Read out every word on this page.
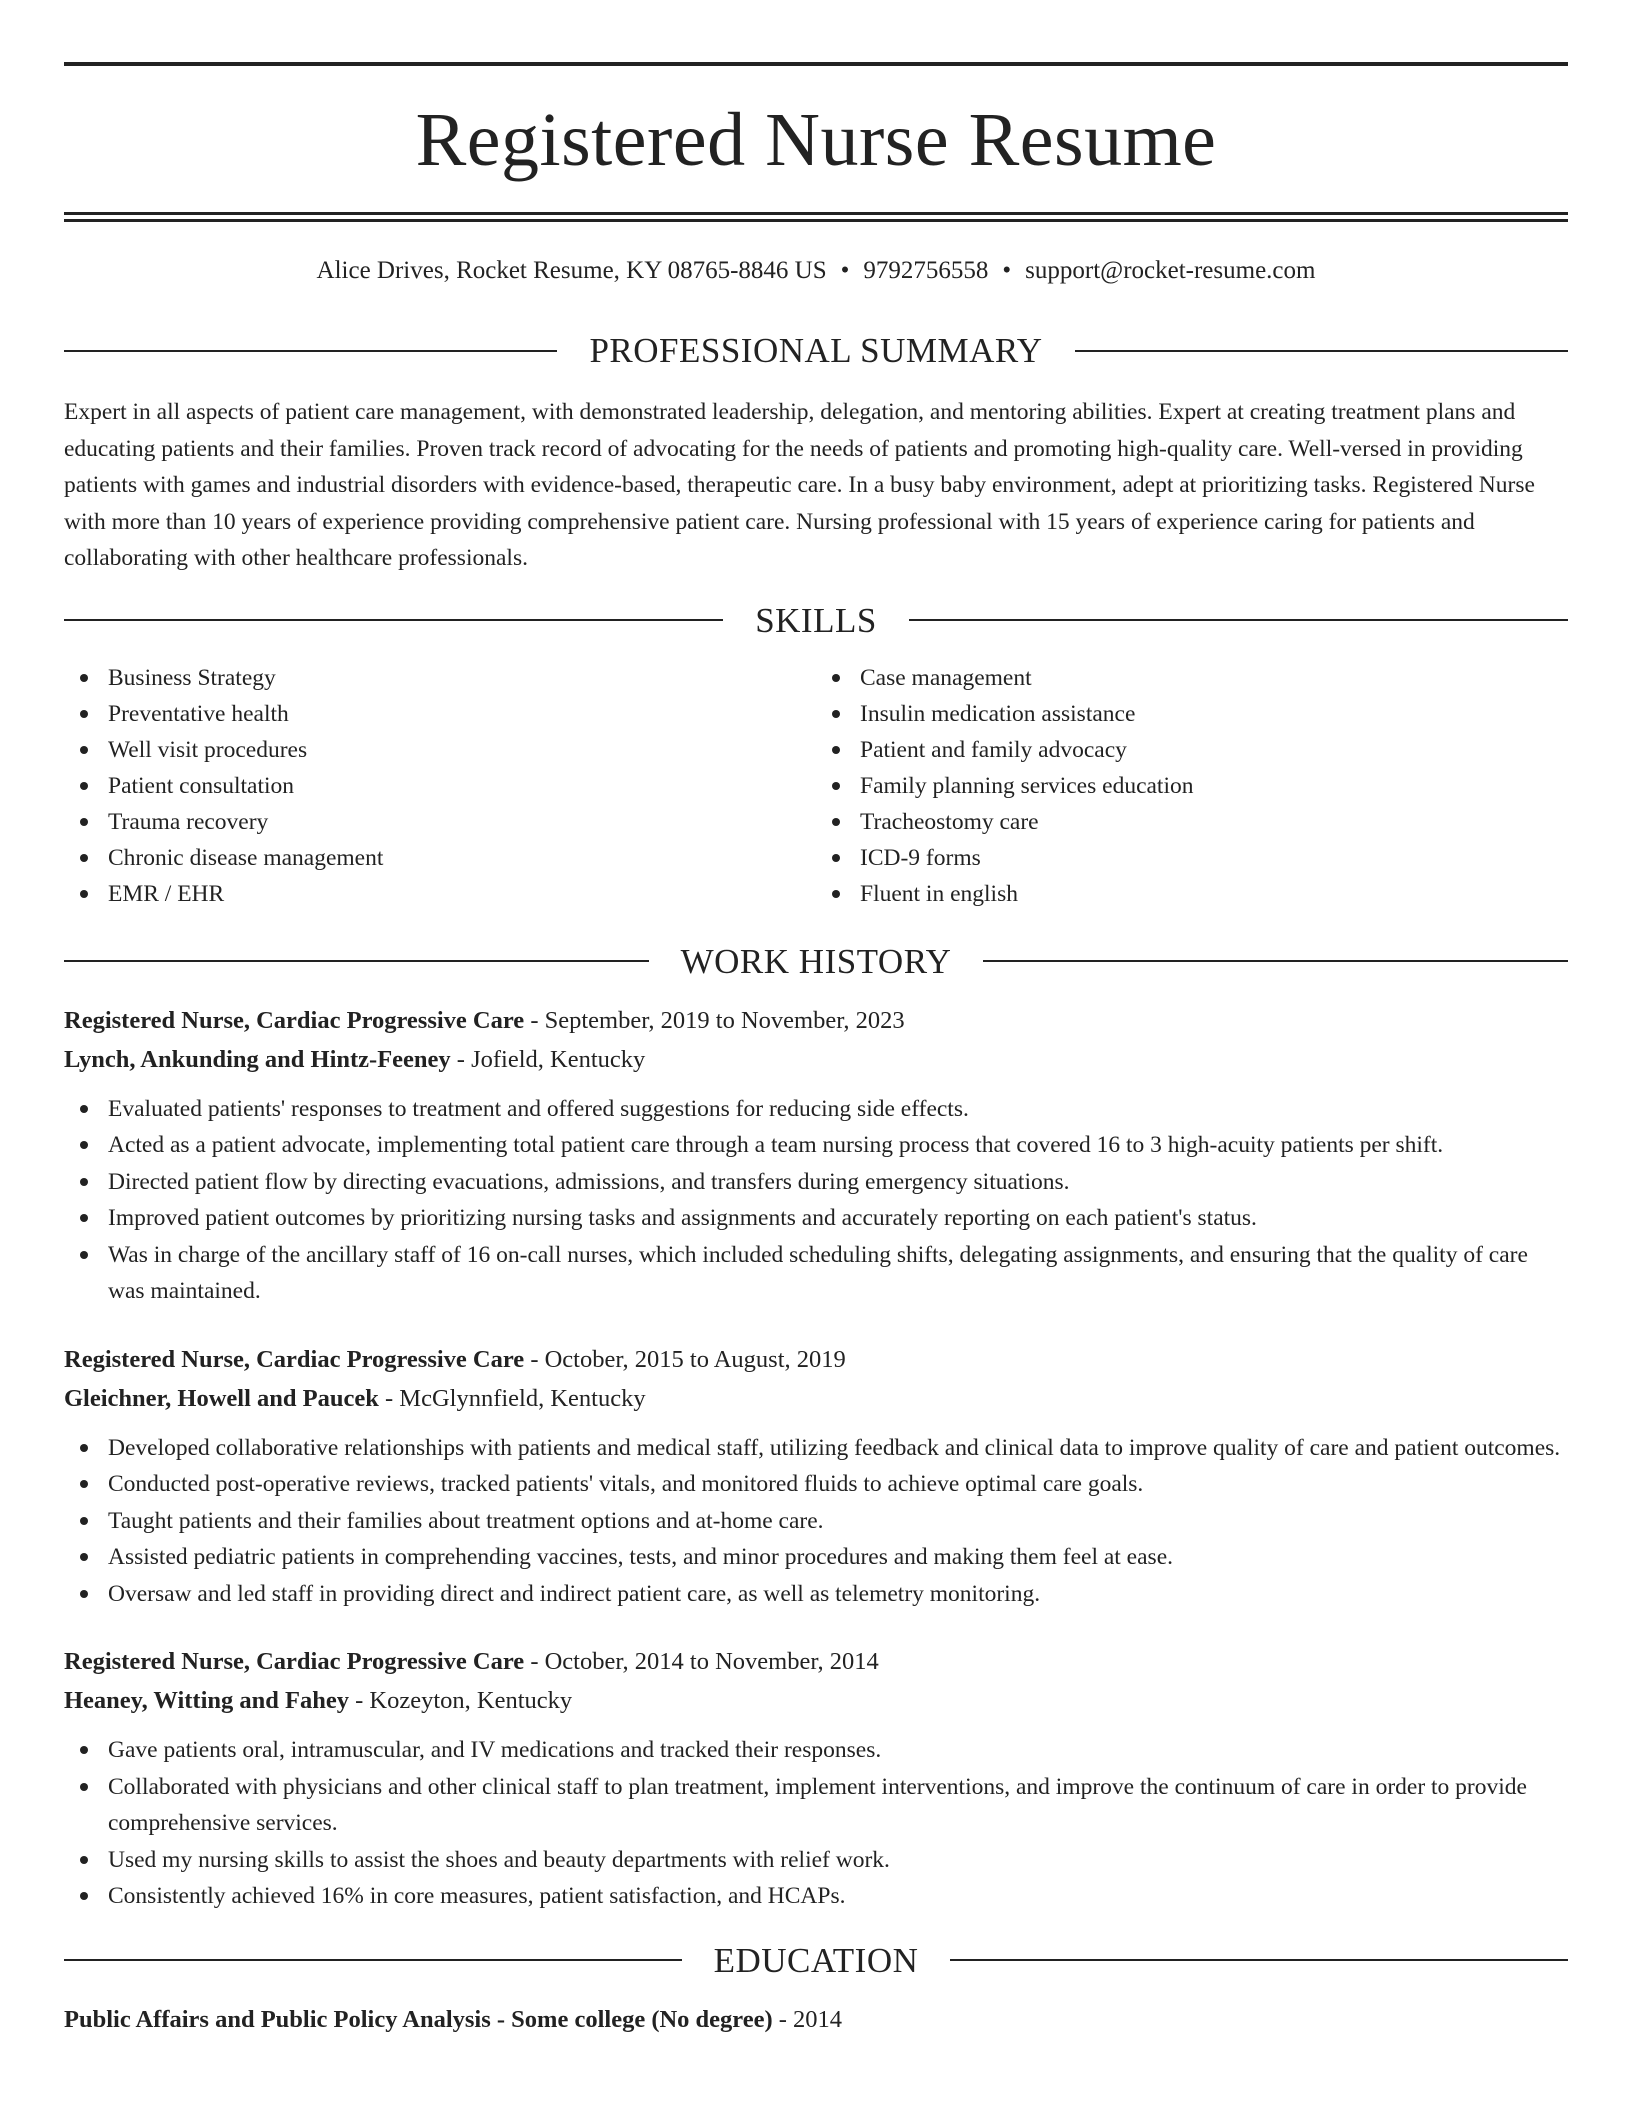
Registered Nurse Resume
Alice Drives, Rocket Resume, KY 08765-8846 US • 9792756558 • support@rocket-resume.com
PROFESSIONAL SUMMARY

Expert in all aspects of patient care management, with demonstrated leadership, delegation, and mentoring abilities. Expert at creating treatment plans and educating patients and their families. Proven track record of advocating for the needs of patients and promoting high-quality care. Well-versed in providing patients with games and industrial disorders with evidence-based, therapeutic care. In a busy baby environment, adept at prioritizing tasks. Registered Nurse with more than 10 years of experience providing comprehensive patient care. Nursing professional with 15 years of experience caring for patients and collaborating with other healthcare professionals.

SKILLS
Business Strategy
Preventative health
Well visit procedures
Patient consultation
Trauma recovery
Chronic disease management
EMR / EHR
Case management
Insulin medication assistance
Patient and family advocacy
Family planning services education
Tracheostomy care
ICD-9 forms
Fluent in english
WORK HISTORY
Registered Nurse, Cardiac Progressive Care - September, 2019 to November, 2023
Lynch, Ankunding and Hintz-Feeney - Jofield, Kentucky
Evaluated patients' responses to treatment and offered suggestions for reducing side effects.
Acted as a patient advocate, implementing total patient care through a team nursing process that covered 16 to 3 high-acuity patients per shift.
Directed patient flow by directing evacuations, admissions, and transfers during emergency situations.
Improved patient outcomes by prioritizing nursing tasks and assignments and accurately reporting on each patient's status.
Was in charge of the ancillary staff of 16 on-call nurses, which included scheduling shifts, delegating assignments, and ensuring that the quality of care was maintained.
Registered Nurse, Cardiac Progressive Care - October, 2015 to August, 2019
Gleichner, Howell and Paucek - McGlynnfield, Kentucky
Developed collaborative relationships with patients and medical staff, utilizing feedback and clinical data to improve quality of care and patient outcomes.
Conducted post-operative reviews, tracked patients' vitals, and monitored fluids to achieve optimal care goals.
Taught patients and their families about treatment options and at-home care.
Assisted pediatric patients in comprehending vaccines, tests, and minor procedures and making them feel at ease.
Oversaw and led staff in providing direct and indirect patient care, as well as telemetry monitoring.
Registered Nurse, Cardiac Progressive Care - October, 2014 to November, 2014
Heaney, Witting and Fahey - Kozeyton, Kentucky
Gave patients oral, intramuscular, and IV medications and tracked their responses.
Collaborated with physicians and other clinical staff to plan treatment, implement interventions, and improve the continuum of care in order to provide comprehensive services.
Used my nursing skills to assist the shoes and beauty departments with relief work.
Consistently achieved 16% in core measures, patient satisfaction, and HCAPs.
EDUCATION
Public Affairs and Public Policy Analysis - Some college (No degree) - 2014
